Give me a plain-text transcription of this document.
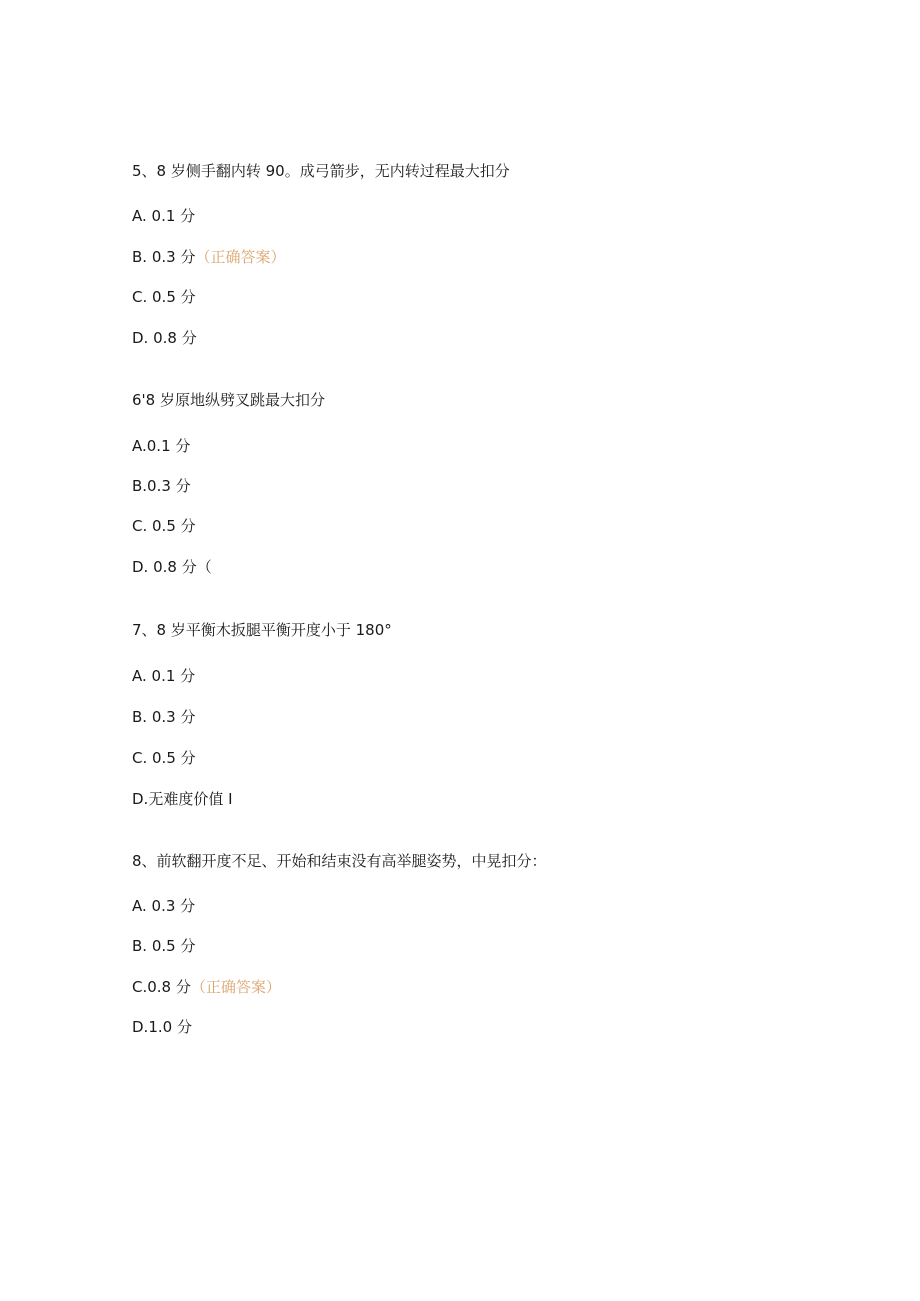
5、8 岁侧手翻内转 90。成弓箭步，无内转过程最大扣分
A. 0.1 分
B. 0.3 分（正确答案）
C. 0.5 分
D. 0.8 分
6'8 岁原地纵劈叉跳最大扣分
A.0.1 分
B.0.3 分
C. 0.5 分
D. 0.8 分（
7、8 岁平衡木扳腿平衡开度小于 180°
A. 0.1 分
B. 0.3 分
C. 0.5 分
D.无难度价值 I
8、前软翻开度不足、开始和结束没有高举腿姿势，中晃扣分：
A. 0.3 分
B. 0.5 分
C.0.8 分（正确答案）
D.1.0 分
